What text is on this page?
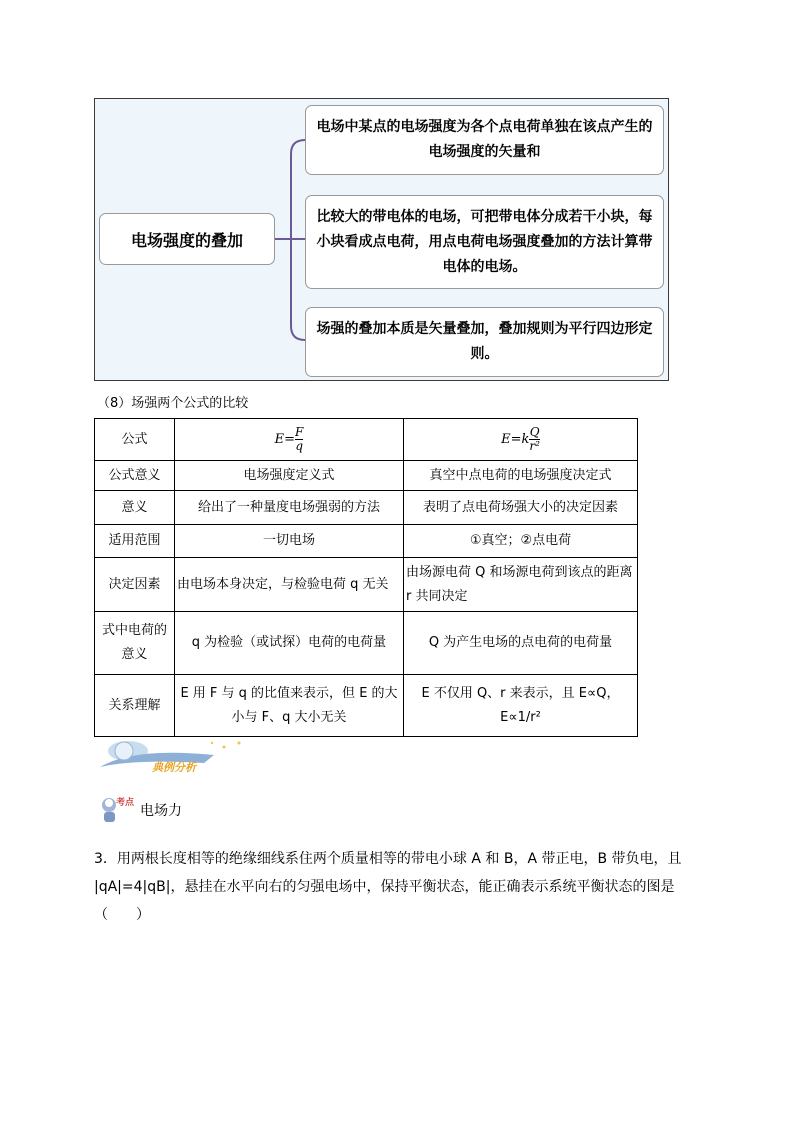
电场强度的叠加
电场中某点的电场强度为各个点电荷单独在该点产生的电场强度的矢量和
比较大的带电体的电场，可把带电体分成若干小块，每小块看成点电荷，用点电荷电场强度叠加的方法计算带电体的电场。
场强的叠加本质是矢量叠加，叠加规则为平行四边形定则。
（8）场强两个公式的比较
公式	$E= \frac{F}{q}$	$E=k \frac{Q}{\text{r²}}$

公式意义	电场强度定义式	真空中点电荷的电场强度决定式
意义	给出了一种量度电场强弱的方法	表明了点电荷场强大小的决定因素
适用范围	一切电场	①真空；②点电荷
决定因素	由电场本身决定，与检验电荷 q 无关	由场源电荷 Q 和场源电荷到该点的距离 r 共同决定
式中电荷的意义	q 为检验（或试探）电荷的电荷量	Q 为产生电场的点电荷的电荷量
关系理解	E 用 F 与 q 的比值来表示，但 E 的大小与 F、q 大小无关	E 不仅用 Q、r 来表示，且 E∝Q，E∝1/r²
典例分析
考点 电场力
3．用两根长度相等的绝缘细线系住两个质量相等的带电小球 A 和 B，A 带正电，B 带负电，且 |qA|=4|qB|，悬挂在水平向右的匀强电场中，保持平衡状态，能正确表示系统平衡状态的图是（　　）
